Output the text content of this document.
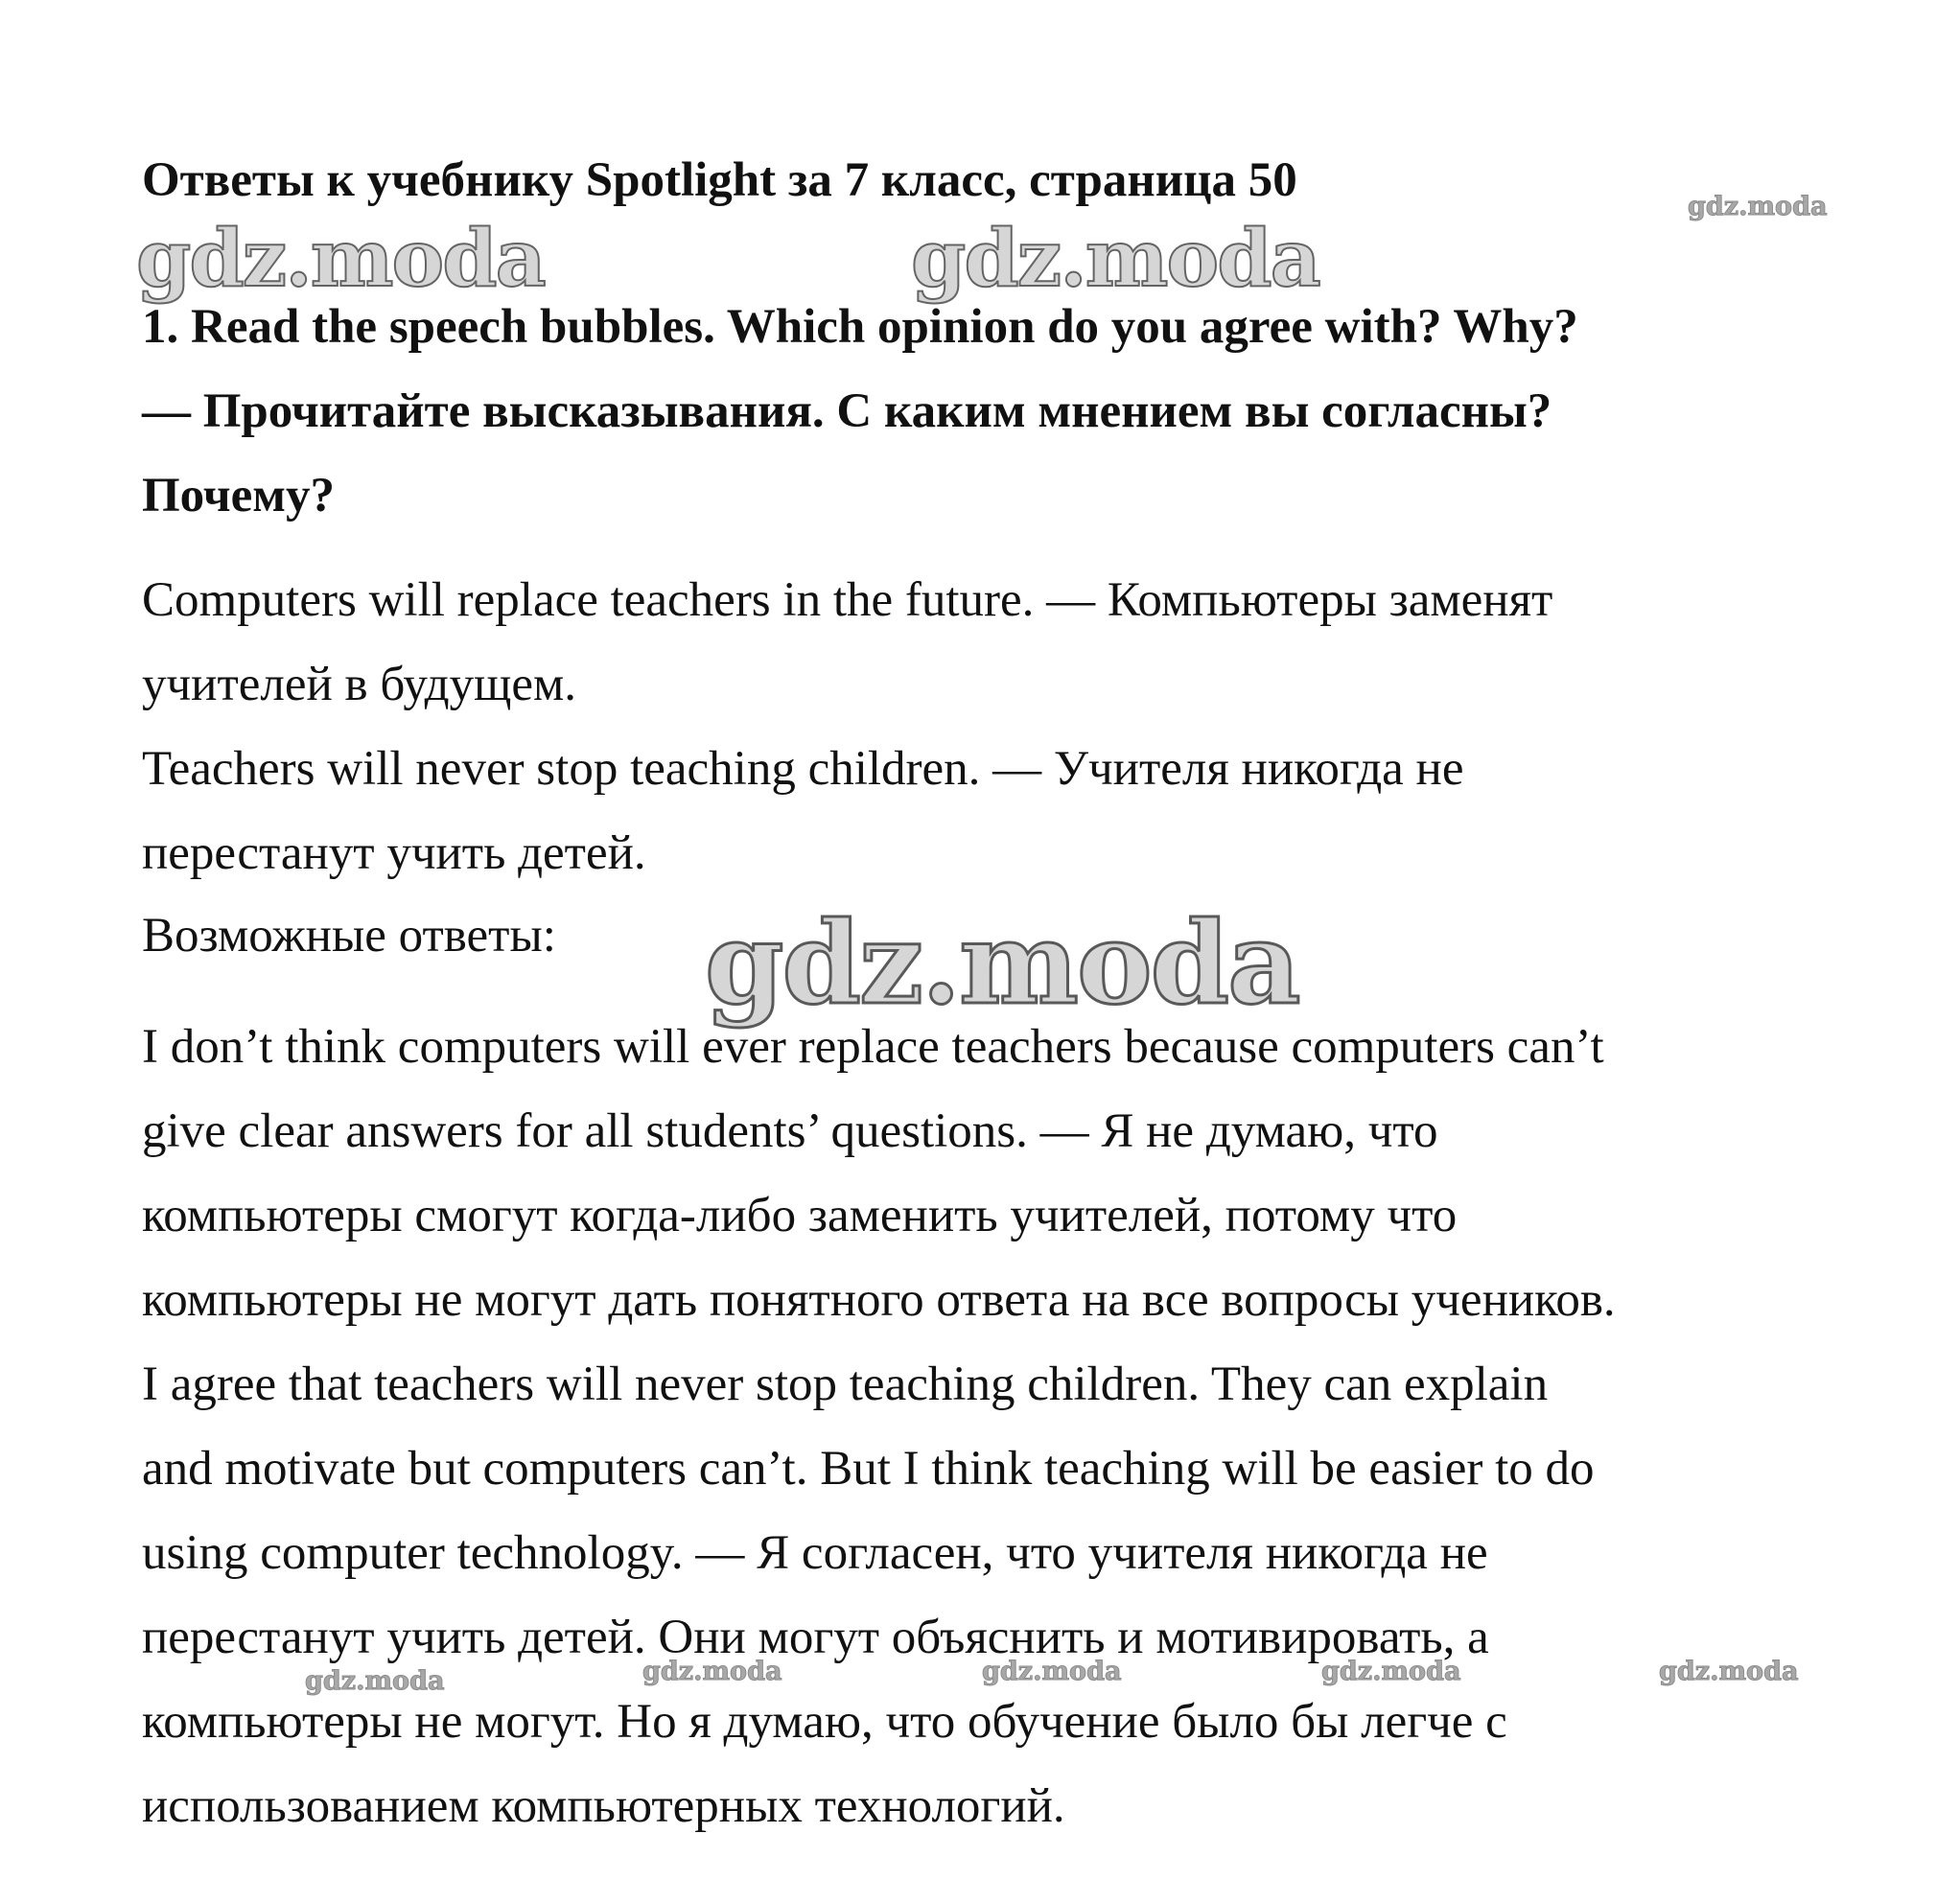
Ответы к учебнику Spotlight за 7 класс, страница 50
1. Read the speech bubbles. Which opinion do you agree with? Why?
— Прочитайте высказывания. С каким мнением вы согласны?
Почему?
Computers will replace teachers in the future. — Компьютеры заменят
учителей в будущем.
Teachers will never stop teaching children. — Учителя никогда не
перестанут учить детей.
Возможные ответы:
I don’t think computers will ever replace teachers because computers can’t
give clear answers for all students’ questions. — Я не думаю, что
компьютеры смогут когда-либо заменить учителей, потому что
компьютеры не могут дать понятного ответа на все вопросы учеников.
I agree that teachers will never stop teaching children. They can explain
and motivate but computers can’t. But I think teaching will be easier to do
using computer technology. — Я согласен, что учителя никогда не
перестанут учить детей. Они могут объяснить и мотивировать, а
компьютеры не могут. Но я думаю, что обучение было бы легче с
использованием компьютерных технологий.
gdz.moda
gdz.moda	gdz.moda
gdz.moda
gdz.moda	gdz.moda	gdz.moda	gdz.moda	gdz.moda
